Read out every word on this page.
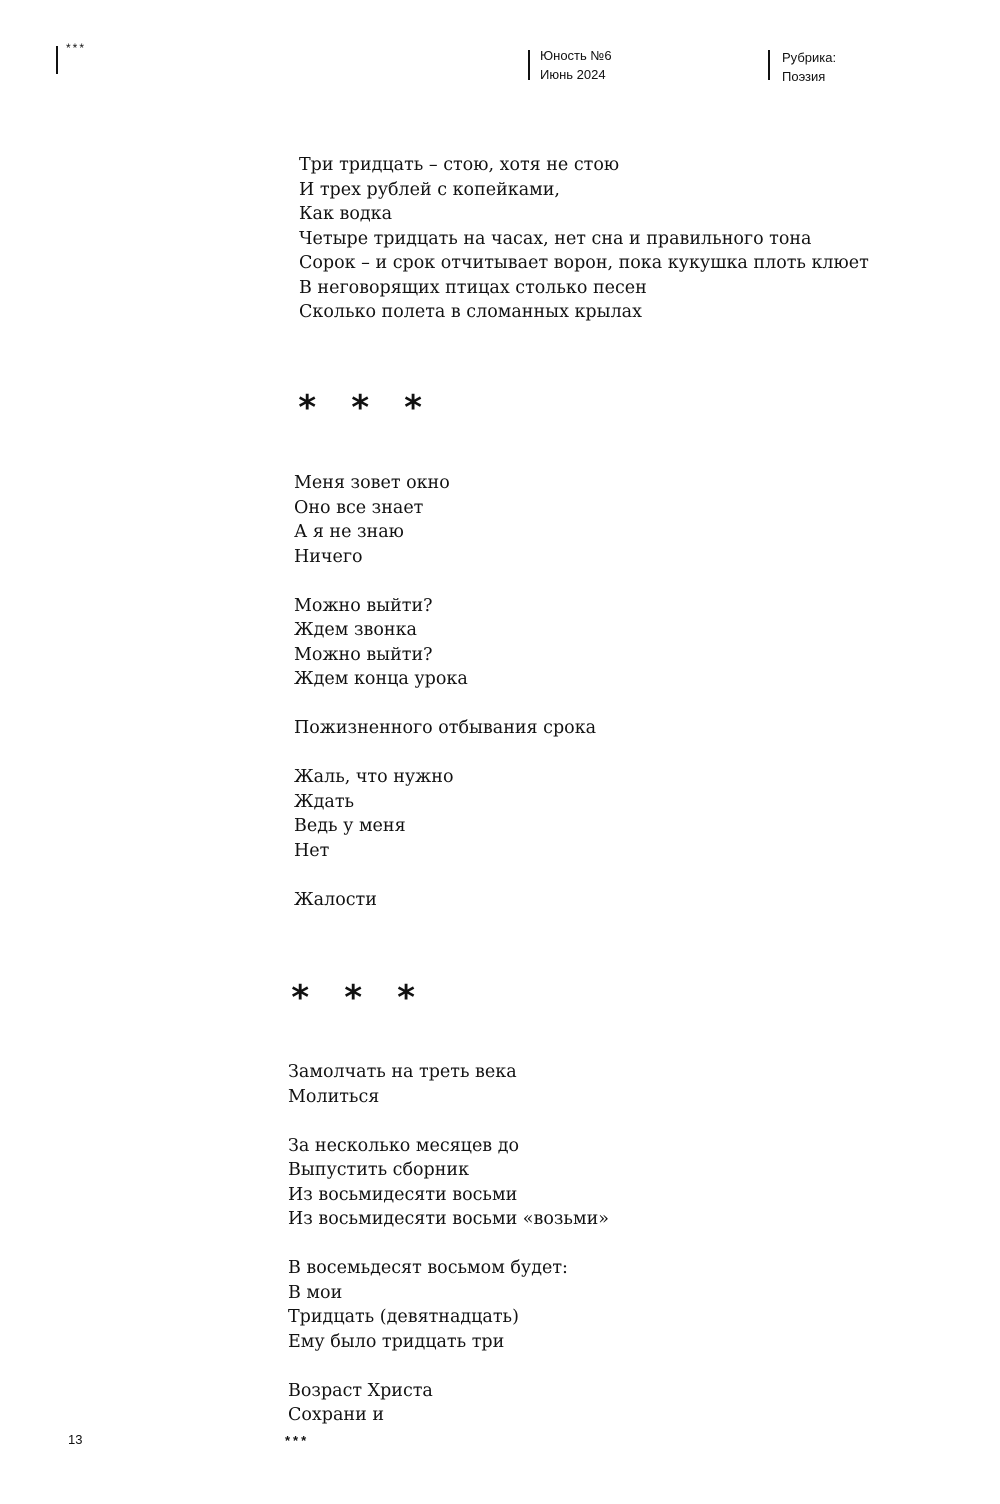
***	Юность №6
Июнь 2024
Рубрика:
Поэзия
Три тридцать – стою, хотя не стою
И трех рублей с копейками,
Как водка
Четыре тридцать на часах, нет сна и правильного тона
Сорок – и срок отчитывает ворон, пока кукушка плоть клюет
В неговорящих птицах столько песен
Сколько полета в сломанных крылах
* * *
Меня зовет окно
Оно все знает
А я не знаю
Ничего
Можно выйти?
Ждем звонка
Можно выйти?
Ждем конца урока
Пожизненного отбывания срока
Жаль, что нужно
Ждать
Ведь у меня
Нет
Жалости
* * *
Замолчать на треть века
Молиться
За несколько месяцев до
Выпустить сборник
Из восьмидесяти восьми
Из восьмидесяти восьми «возьми»
В восемьдесят восьмом будет:
В мои
Тридцать (девятнадцать)
Ему было тридцать три
Возраст Христа
Сохрани и
13	***
